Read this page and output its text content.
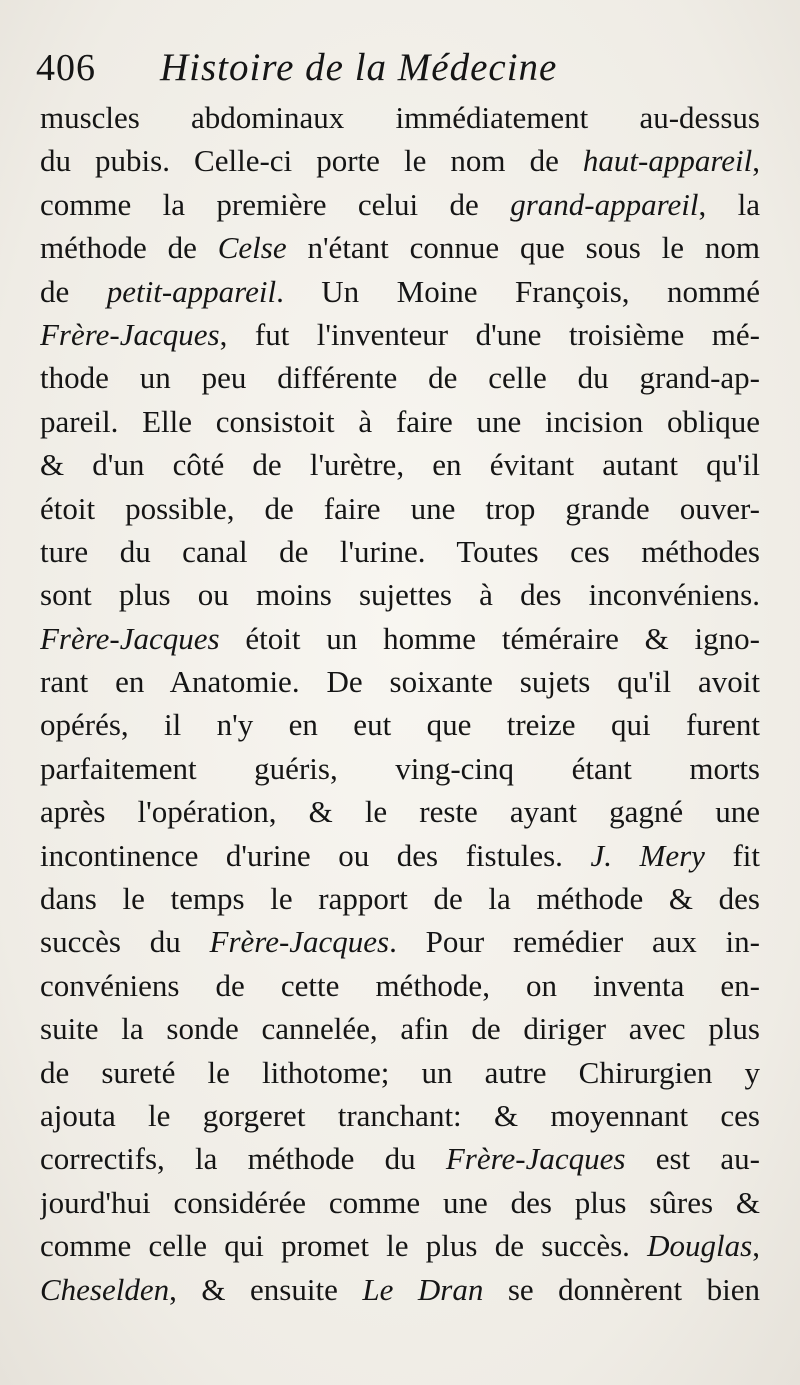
406 Histoire de la Médecine
muscles abdominaux immédiatement au-dessus
du pubis. Celle-ci porte le nom de haut-appareil,
comme la première celui de grand-appareil, la
méthode de Celse n'étant connue que sous le nom
de petit-appareil. Un Moine François, nommé
Frère-Jacques, fut l'inventeur d'une troisième mé-
thode un peu différente de celle du grand-ap-
pareil. Elle consistoit à faire une incision oblique
& d'un côté de l'urètre, en évitant autant qu'il
étoit possible, de faire une trop grande ouver-
ture du canal de l'urine. Toutes ces méthodes
sont plus ou moins sujettes à des inconvéniens.
Frère-Jacques étoit un homme téméraire & igno-
rant en Anatomie. De soixante sujets qu'il avoit
opérés, il n'y en eut que treize qui furent
parfaitement guéris, ving-cinq étant morts
après l'opération, & le reste ayant gagné une
incontinence d'urine ou des fistules. J. Mery fit
dans le temps le rapport de la méthode & des
succès du Frère-Jacques. Pour remédier aux in-
convéniens de cette méthode, on inventa en-
suite la sonde cannelée, afin de diriger avec plus
de sureté le lithotome; un autre Chirurgien y
ajouta le gorgeret tranchant: & moyennant ces
correctifs, la méthode du Frère-Jacques est au-
jourd'hui considérée comme une des plus sûres &
comme celle qui promet le plus de succès. Douglas,
Cheselden, & ensuite Le Dran se donnèrent bien
